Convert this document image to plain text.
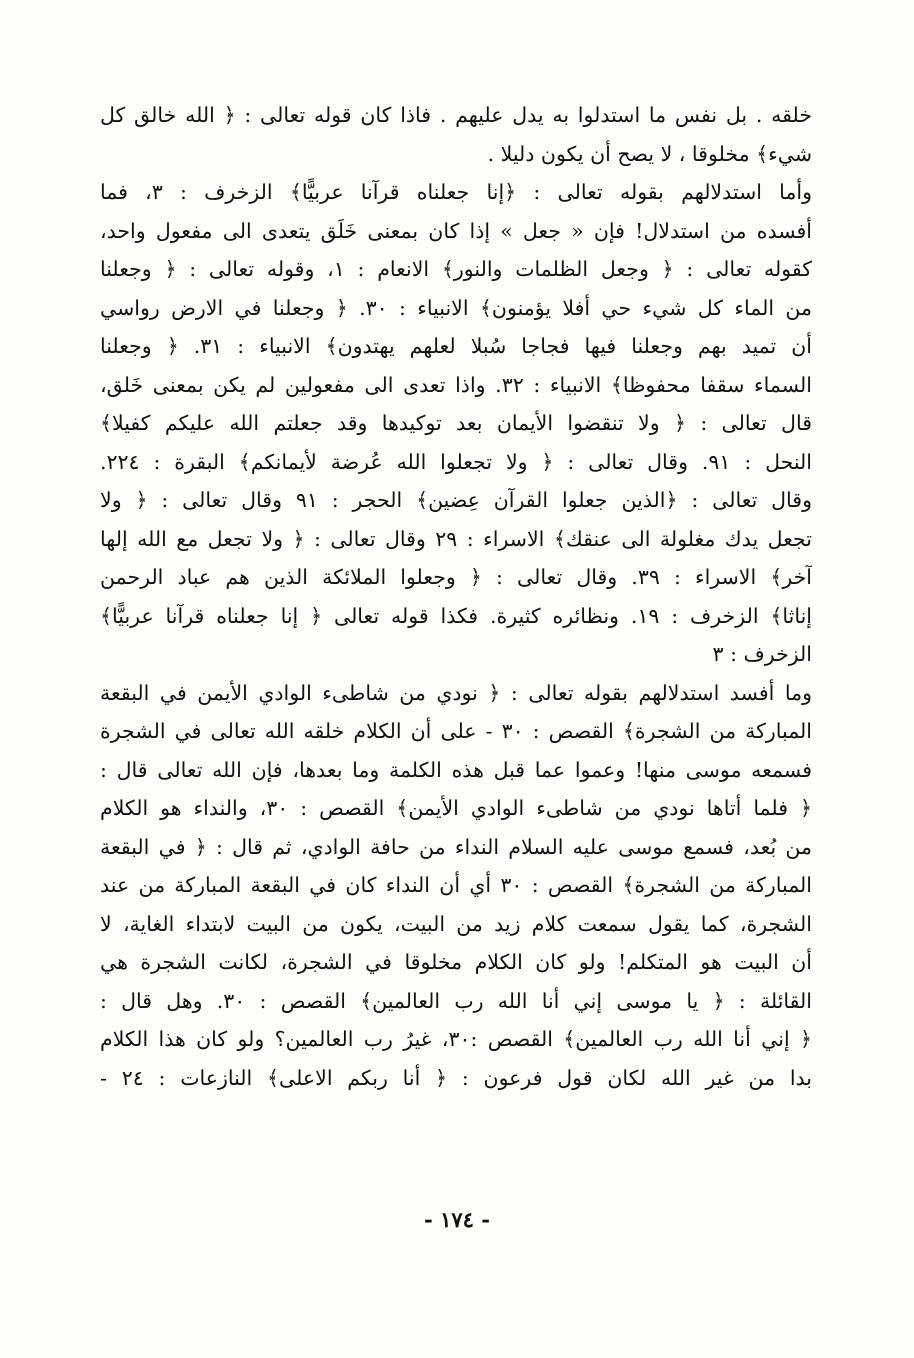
خلقه . بل نفس ما استدلوا به يدل عليهم . فاذا كان قوله تعالى : ﴿ الله خالق كل
شيء﴾ مخلوقا ، لا يصح أن يكون دليلا .
وأما استدلالهم بقوله تعالى : ﴿إنا جعلناه قرآنا عربيًّا﴾ الزخرف : ٣، فما
أفسده من استدلال! فإن « جعل » إذا كان بمعنى خَلَق يتعدى الى مفعول واحد،
كقوله تعالى : ﴿ وجعل الظلمات والنور﴾ الانعام : ١، وقوله تعالى : ﴿ وجعلنا
من الماء كل شيء حي أفلا يؤمنون﴾ الانبياء : ٣٠. ﴿ وجعلنا في الارض رواسي
أن تميد بهم وجعلنا فيها فجاجا سُبلا لعلهم يهتدون﴾ الانبياء : ٣١. ﴿ وجعلنا
السماء سقفا محفوظا﴾ الانبياء : ٣٢. واذا تعدى الى مفعولين لم يكن بمعنى خَلق،
قال تعالى : ﴿ ولا تنقضوا الأيمان بعد توكيدها وقد جعلتم الله عليكم كفيلا﴾
النحل : ٩١. وقال تعالى : ﴿ ولا تجعلوا الله عُرضة لأيمانكم﴾ البقرة : ٢٢٤.
وقال تعالى : ﴿الذين جعلوا القرآن عِضين﴾ الحجر : ٩١ وقال تعالى : ﴿ ولا
تجعل يدك مغلولة الى عنقك﴾ الاسراء : ٢٩ وقال تعالى : ﴿ ولا تجعل مع الله إلها
آخر﴾ الاسراء : ٣٩. وقال تعالى : ﴿ وجعلوا الملائكة الذين هم عباد الرحمن
إناثا﴾ الزخرف : ١٩. ونظائره كثيرة. فكذا قوله تعالى ﴿ إنا جعلناه قرآنا عربيًّا﴾
الزخرف : ٣
وما أفسد استدلالهم بقوله تعالى : ﴿ نودي من شاطىء الوادي الأيمن في البقعة
المباركة من الشجرة﴾ القصص : ٣٠ - على أن الكلام خلقه الله تعالى في الشجرة
فسمعه موسى منها! وعموا عما قبل هذه الكلمة وما بعدها، فإن الله تعالى قال :
﴿ فلما أتاها نودي من شاطىء الوادي الأيمن﴾ القصص : ٣٠، والنداء هو الكلام
من بُعد، فسمع موسى عليه السلام النداء من حافة الوادي، ثم قال : ﴿ في البقعة
المباركة من الشجرة﴾ القصص : ٣٠ أي أن النداء كان في البقعة المباركة من عند
الشجرة، كما يقول سمعت كلام زيد من البيت، يكون من البيت لابتداء الغاية، لا
أن البيت هو المتكلم! ولو كان الكلام مخلوقا في الشجرة، لكانت الشجرة هي
القائلة : ﴿ يا موسى إني أنا الله رب العالمين﴾ القصص : ٣٠. وهل قال :
﴿ إني أنا الله رب العالمين﴾ القصص :٣٠، غيرُ رب العالمين؟ ولو كان هذا الكلام
بدا من غير الله لكان قول فرعون : ﴿ أنا ربكم الاعلى﴾ النازعات : ٢٤ -
- ١٧٤ -
